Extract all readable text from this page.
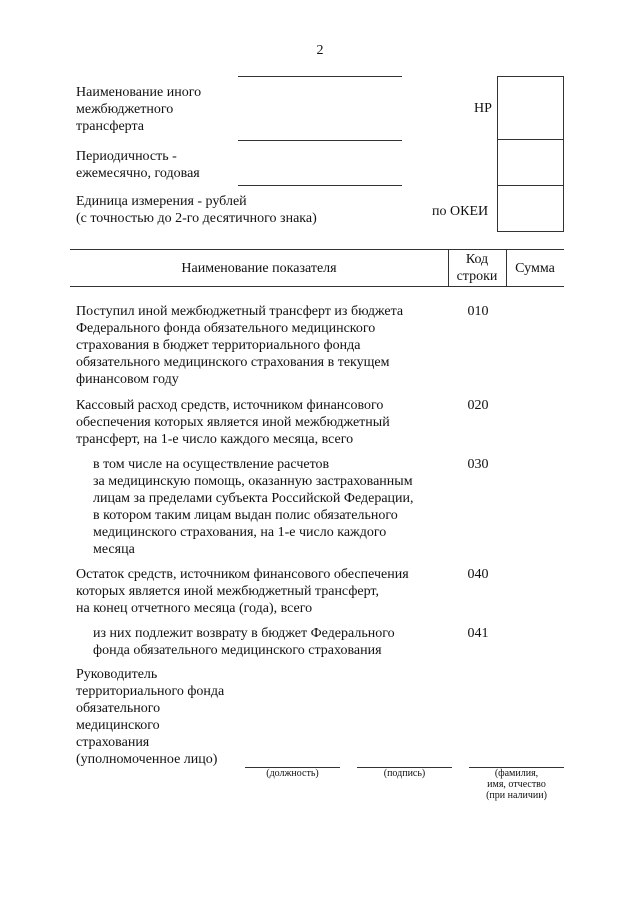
2
Наименование иного
межбюджетного
трансферта
НР
Периодичность -
ежемесячно, годовая
Единица измерения - рублей
(с точностью до 2-го десятичного знака)	по ОКЕИ
Наименование показателя
Код
строки
Сумма
Поступил иной межбюджетный трансферт из бюджета
Федерального фонда обязательного медицинского
страхования в бюджет территориального фонда
обязательного медицинского страхования в текущем
финансовом году
010
Кассовый расход средств, источником финансового
обеспечения которых является иной межбюджетный
трансферт, на 1-е число каждого месяца, всего
020
в том числе на осуществление расчетов
за медицинскую помощь, оказанную застрахованным
лицам за пределами субъекта Российской Федерации,
в котором таким лицам выдан полис обязательного
медицинского страхования, на 1-е число каждого
месяца
030
Остаток средств, источником финансового обеспечения
которых является иной межбюджетный трансферт,
на конец отчетного месяца (года), всего
040
из них подлежит возврату в бюджет Федерального
фонда обязательного медицинского страхования
041
Руководитель
территориального фонда
обязательного
медицинского
страхования
(уполномоченное лицо)
(должность)	(подпись)	(фамилия,
имя, отчество
(при наличии)
